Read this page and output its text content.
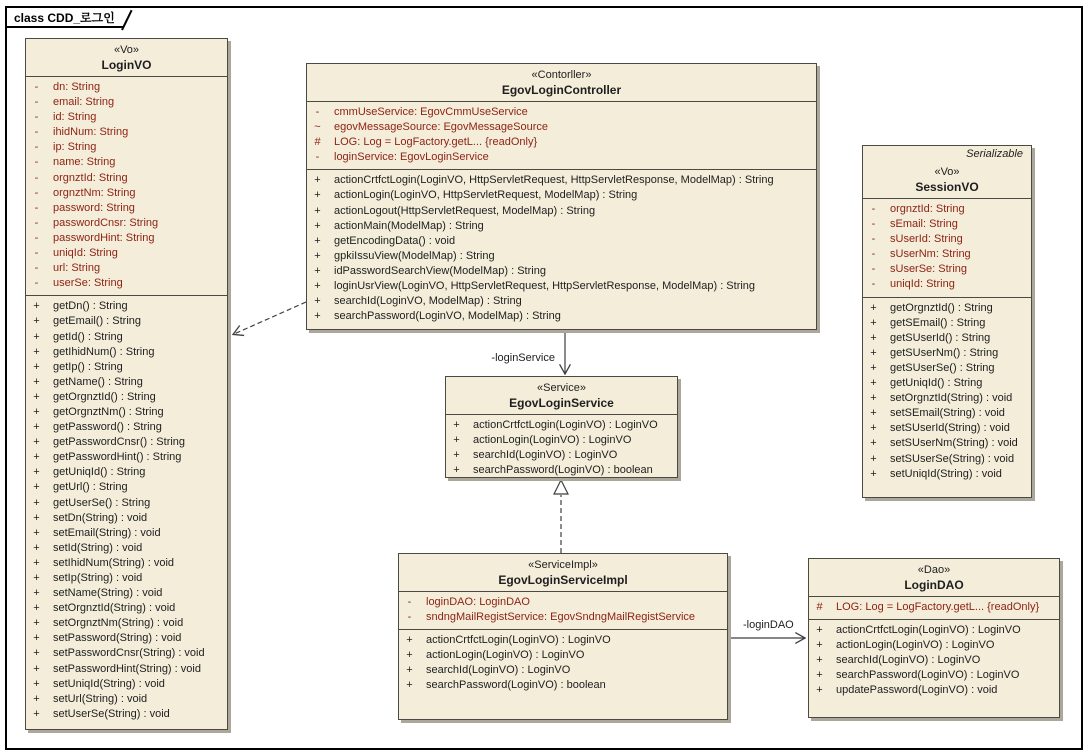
class CDD_로그인
-loginService
-loginDAO
«Vo»
LoginVO
-	dn: String
-	email: String
-	id: String
-	ihidNum: String
-	ip: String
-	name: String
-	orgnztId: String
-	orgnztNm: String
-	password: String
-	passwordCnsr: String
-	passwordHint: String
-	uniqId: String
-	url: String
-	userSe: String
+	getDn() : String
+	getEmail() : String
+	getId() : String
+	getIhidNum() : String
+	getIp() : String
+	getName() : String
+	getOrgnztId() : String
+	getOrgnztNm() : String
+	getPassword() : String
+	getPasswordCnsr() : String
+	getPasswordHint() : String
+	getUniqId() : String
+	getUrl() : String
+	getUserSe() : String
+	setDn(String) : void
+	setEmail(String) : void
+	setId(String) : void
+	setIhidNum(String) : void
+	setIp(String) : void
+	setName(String) : void
+	setOrgnztId(String) : void
+	setOrgnztNm(String) : void
+	setPassword(String) : void
+	setPasswordCnsr(String) : void
+	setPasswordHint(String) : void
+	setUniqId(String) : void
+	setUrl(String) : void
+	setUserSe(String) : void
«Contorller»
EgovLoginController
-	cmmUseService: EgovCmmUseService
~	egovMessageSource: EgovMessageSource
#	LOG: Log = LogFactory.getL... {readOnly}
-	loginService: EgovLoginService
+	actionCrtfctLogin(LoginVO, HttpServletRequest, HttpServletResponse, ModelMap) : String
+	actionLogin(LoginVO, HttpServletRequest, ModelMap) : String
+	actionLogout(HttpServletRequest, ModelMap) : String
+	actionMain(ModelMap) : String
+	getEncodingData() : void
+	gpkiIssuView(ModelMap) : String
+	idPasswordSearchView(ModelMap) : String
+	loginUsrView(LoginVO, HttpServletRequest, HttpServletResponse, ModelMap) : String
+	searchId(LoginVO, ModelMap) : String
+	searchPassword(LoginVO, ModelMap) : String
Serializable
«Vo»
SessionVO
-	orgnztId: String
-	sEmail: String
-	sUserId: String
-	sUserNm: String
-	sUserSe: String
-	uniqId: String
+	getOrgnztId() : String
+	getSEmail() : String
+	getSUserId() : String
+	getSUserNm() : String
+	getSUserSe() : String
+	getUniqId() : String
+	setOrgnztId(String) : void
+	setSEmail(String) : void
+	setSUserId(String) : void
+	setSUserNm(String) : void
+	setSUserSe(String) : void
+	setUniqId(String) : void
«Service»
EgovLoginService
+	actionCrtfctLogin(LoginVO) : LoginVO
+	actionLogin(LoginVO) : LoginVO
+	searchId(LoginVO) : LoginVO
+	searchPassword(LoginVO) : boolean
«ServiceImpl»
EgovLoginServiceImpl
-	loginDAO: LoginDAO
-	sndngMailRegistService: EgovSndngMailRegistService
+	actionCrtfctLogin(LoginVO) : LoginVO
+	actionLogin(LoginVO) : LoginVO
+	searchId(LoginVO) : LoginVO
+	searchPassword(LoginVO) : boolean
«Dao»
LoginDAO
#	LOG: Log = LogFactory.getL... {readOnly}
+	actionCrtfctLogin(LoginVO) : LoginVO
+	actionLogin(LoginVO) : LoginVO
+	searchId(LoginVO) : LoginVO
+	searchPassword(LoginVO) : LoginVO
+	updatePassword(LoginVO) : void
